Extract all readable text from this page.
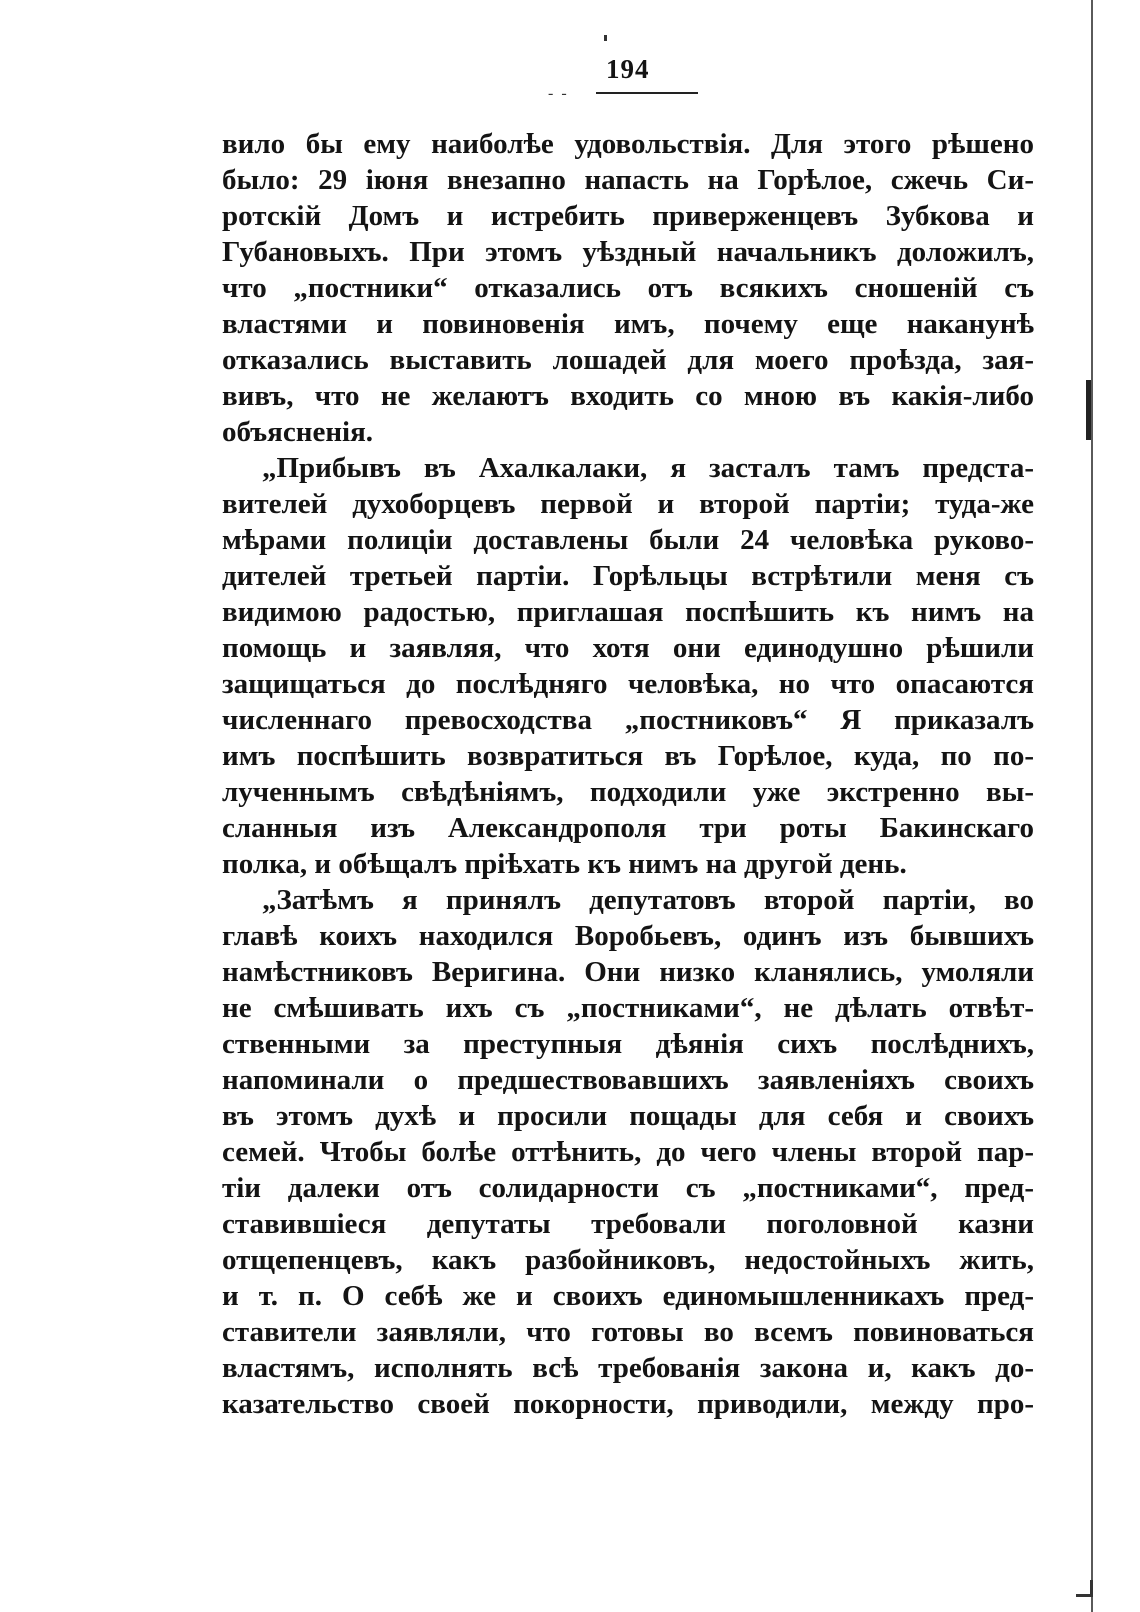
194
- -
вило бы ему наиболѣе удовольствія. Для этого рѣшено
было: 29 іюня внезапно напасть на Горѣлое, сжечь Си-
ротскій Домъ и истребить приверженцевъ Зубкова и
Губановыхъ. При этомъ уѣздный начальникъ доложилъ,
что „постники“ отказались отъ всякихъ сношеній съ
властями и повиновенія имъ, почему еще наканунѣ
отказались выставить лошадей для моего проѣзда, зая-
вивъ, что не желаютъ входить со мною въ какія-либо
объясненія.
„Прибывъ въ Ахалкалаки, я засталъ тамъ предста-
вителей духоборцевъ первой и второй партіи; туда-же
мѣрами полиціи доставлены были 24 человѣка руково-
дителей третьей партіи. Горѣльцы встрѣтили меня съ
видимою радостью, приглашая поспѣшить къ нимъ на
помощь и заявляя, что хотя они единодушно рѣшили
защищаться до послѣдняго человѣка, но что опасаются
численнаго превосходства „постниковъ“ Я приказалъ
имъ поспѣшить возвратиться въ Горѣлое, куда, по по-
лученнымъ свѣдѣніямъ, подходили уже экстренно вы-
сланныя изъ Александрополя три роты Бакинскаго
полка, и обѣщалъ пріѣхать къ нимъ на другой день.
„Затѣмъ я принялъ депутатовъ второй партіи, во
главѣ коихъ находился Воробьевъ, одинъ изъ бывшихъ
намѣстниковъ Веригина. Они низко кланялись, умоляли
не смѣшивать ихъ съ „постниками“, не дѣлать отвѣт-
ственными за преступныя дѣянія сихъ послѣднихъ,
напоминали о предшествовавшихъ заявленіяхъ своихъ
въ этомъ духѣ и просили пощады для себя и своихъ
семей. Чтобы болѣе оттѣнить, до чего члены второй пар-
тіи далеки отъ солидарности съ „постниками“, пред-
ставившіеся депутаты требовали поголовной казни
отщепенцевъ, какъ разбойниковъ, недостойныхъ жить,
и т. п. О себѣ же и своихъ единомышленникахъ пред-
ставители заявляли, что готовы во всемъ повиноваться
властямъ, исполнять всѣ требованія закона и, какъ до-
казательство своей покорности, приводили, между про-
